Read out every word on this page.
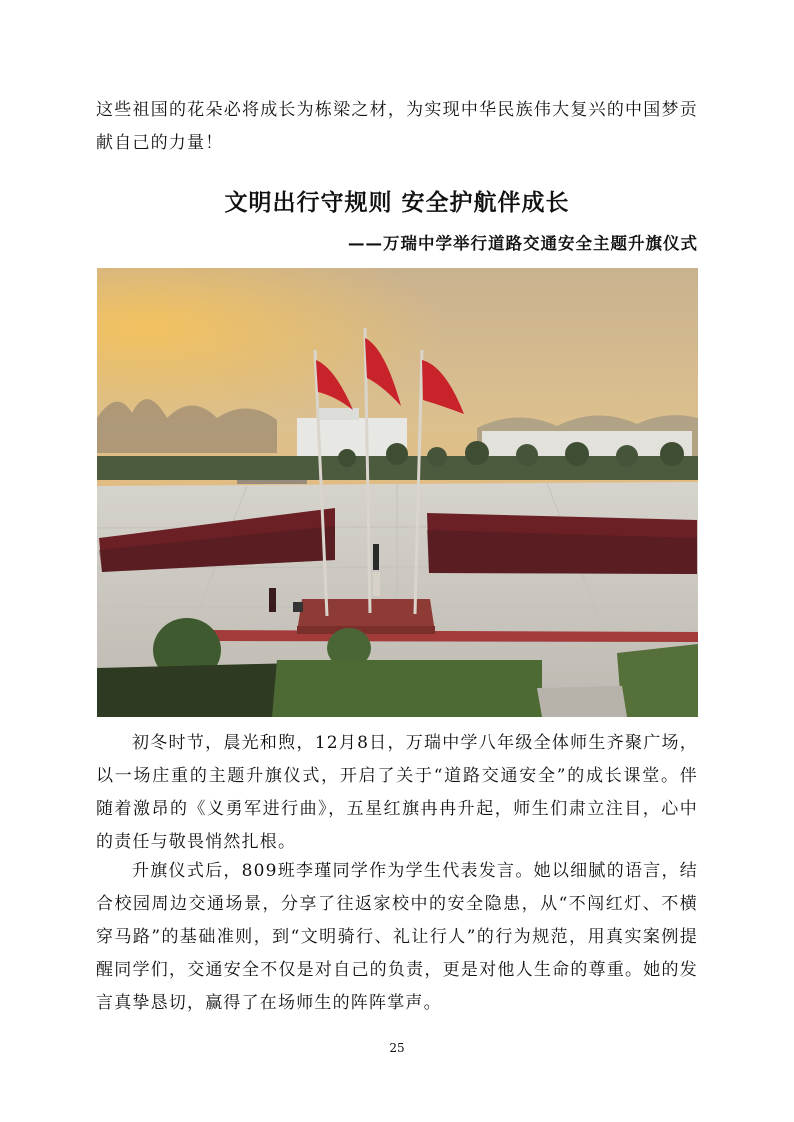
这些祖国的花朵必将成长为栋梁之材，为实现中华民族伟大复兴的中国梦贡献自己的力量！

文明出行守规则 安全护航伴成长
——万瑞中学举行道路交通安全主题升旗仪式

初冬时节，晨光和煦，12月8日，万瑞中学八年级全体师生齐聚广场，以一场庄重的主题升旗仪式，开启了关于“道路交通安全”的成长课堂。伴随着激昂的《义勇军进行曲》，五星红旗冉冉升起，师生们肃立注目，心中的责任与敬畏悄然扎根。

升旗仪式后，809班李瑾同学作为学生代表发言。她以细腻的语言，结合校园周边交通场景，分享了往返家校中的安全隐患，从“不闯红灯、不横穿马路”的基础准则，到“文明骑行、礼让行人”的行为规范，用真实案例提醒同学们，交通安全不仅是对自己的负责，更是对他人生命的尊重。她的发言真挚恳切，赢得了在场师生的阵阵掌声。

25
